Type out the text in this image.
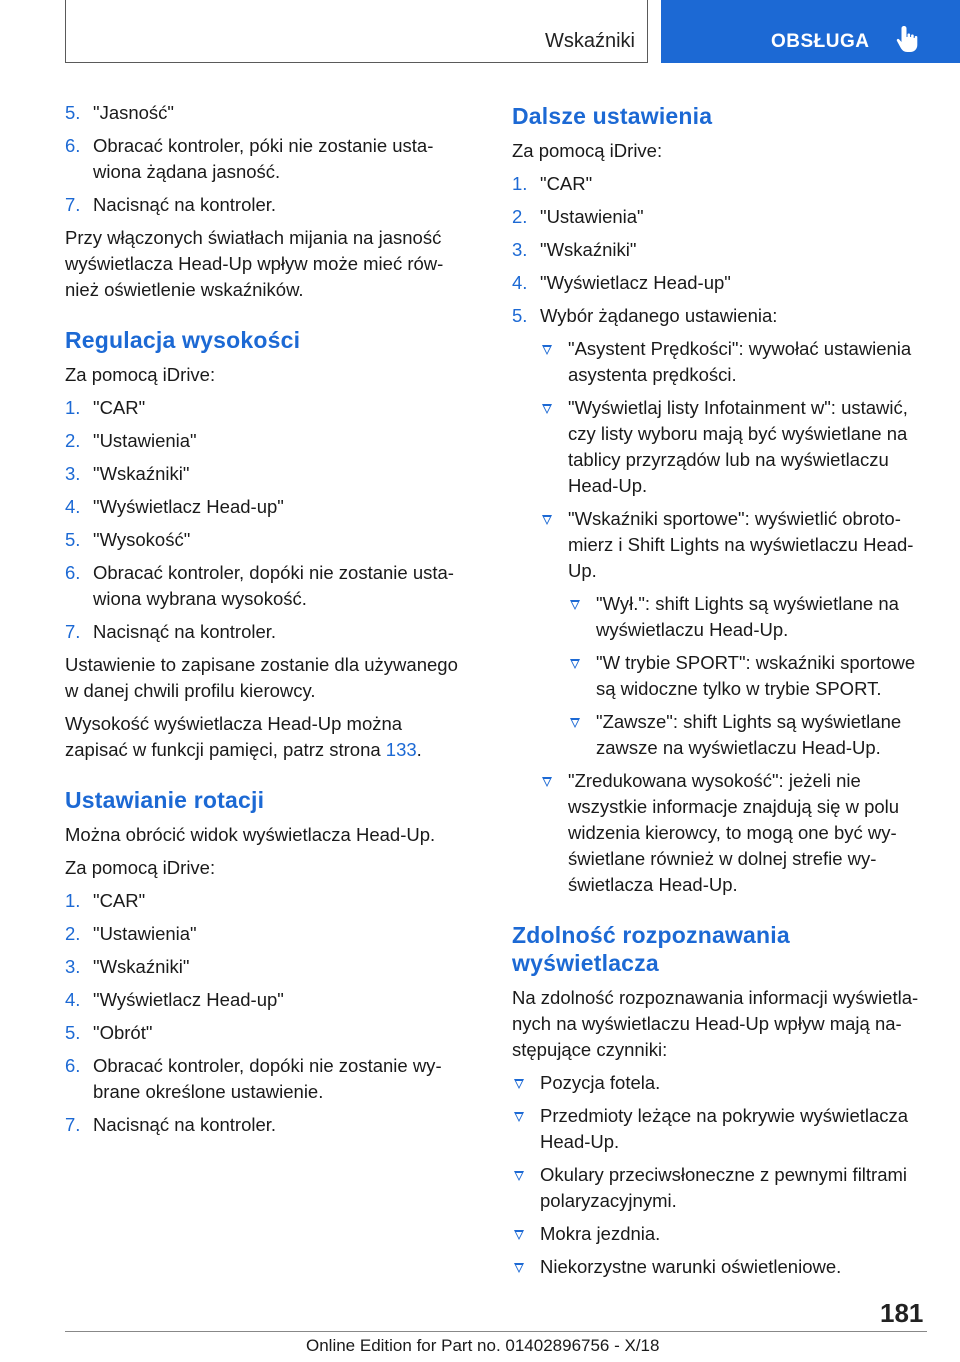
Wskaźniki	OBSŁUGA
5. "Jasność"
6. Obracać kontroler, póki nie zostanie ustawiona żądana jasność.
7. Nacisnąć na kontroler.

Przy włączonych światłach mijania na jasność wyświetlacza Head-Up wpływ może mieć również oświetlenie wskaźników.

Regulacja wysokości

Za pomocą iDrive:

1. "CAR"
2. "Ustawienia"
3. "Wskaźniki"
4. "Wyświetlacz Head-up"
5. "Wysokość"
6. Obracać kontroler, dopóki nie zostanie ustawiona wybrana wysokość.
7. Nacisnąć na kontroler.

Ustawienie to zapisane zostanie dla używanego w danej chwili profilu kierowcy.

Wysokość wyświetlacza Head-Up można zapisać w funkcji pamięci, patrz strona 133.

Ustawianie rotacji

Można obrócić widok wyświetlacza Head-Up.

Za pomocą iDrive:

1. "CAR"
2. "Ustawienia"
3. "Wskaźniki"
4. "Wyświetlacz Head-up"
5. "Obrót"
6. Obracać kontroler, dopóki nie zostanie wybrane określone ustawienie.
7. Nacisnąć na kontroler.
Dalsze ustawienia

Za pomocą iDrive:

1. "CAR"
2. "Ustawienia"
3. "Wskaźniki"
4. "Wyświetlacz Head-up"
5. Wybór żądanego ustawienia:
"Asystent Prędkości": wywołać ustawienia asystenta prędkości.
"Wyświetlaj listy Infotainment w": ustawić, czy listy wyboru mają być wyświetlane na tablicy przyrządów lub na wyświetlaczu Head-Up.
"Wskaźniki sportowe": wyświetlić obrotomierz i Shift Lights na wyświetlaczu Head-Up.
"Wył.": shift Lights są wyświetlane na wyświetlaczu Head-Up.
"W trybie SPORT": wskaźniki sportowe są widoczne tylko w trybie SPORT.
"Zawsze": shift Lights są wyświetlane zawsze na wyświetlaczu Head-Up.
"Zredukowana wysokość": jeżeli nie wszystkie informacje znajdują się w polu widzenia kierowcy, to mogą one być wyświetlane również w dolnej strefie wyświetlacza Head-Up.
Zdolność rozpoznawania wyświetlacza

Na zdolność rozpoznawania informacji wyświetlanych na wyświetlaczu Head-Up wpływ mają następujące czynniki:

Pozycja fotela.
Przedmioty leżące na pokrywie wyświetlacza Head-Up.
Okulary przeciwsłoneczne z pewnymi filtrami polaryzacyjnymi.
Mokra jezdnia.
Niekorzystne warunki oświetleniowe.
181
Online Edition for Part no. 01402896756 - X/18
